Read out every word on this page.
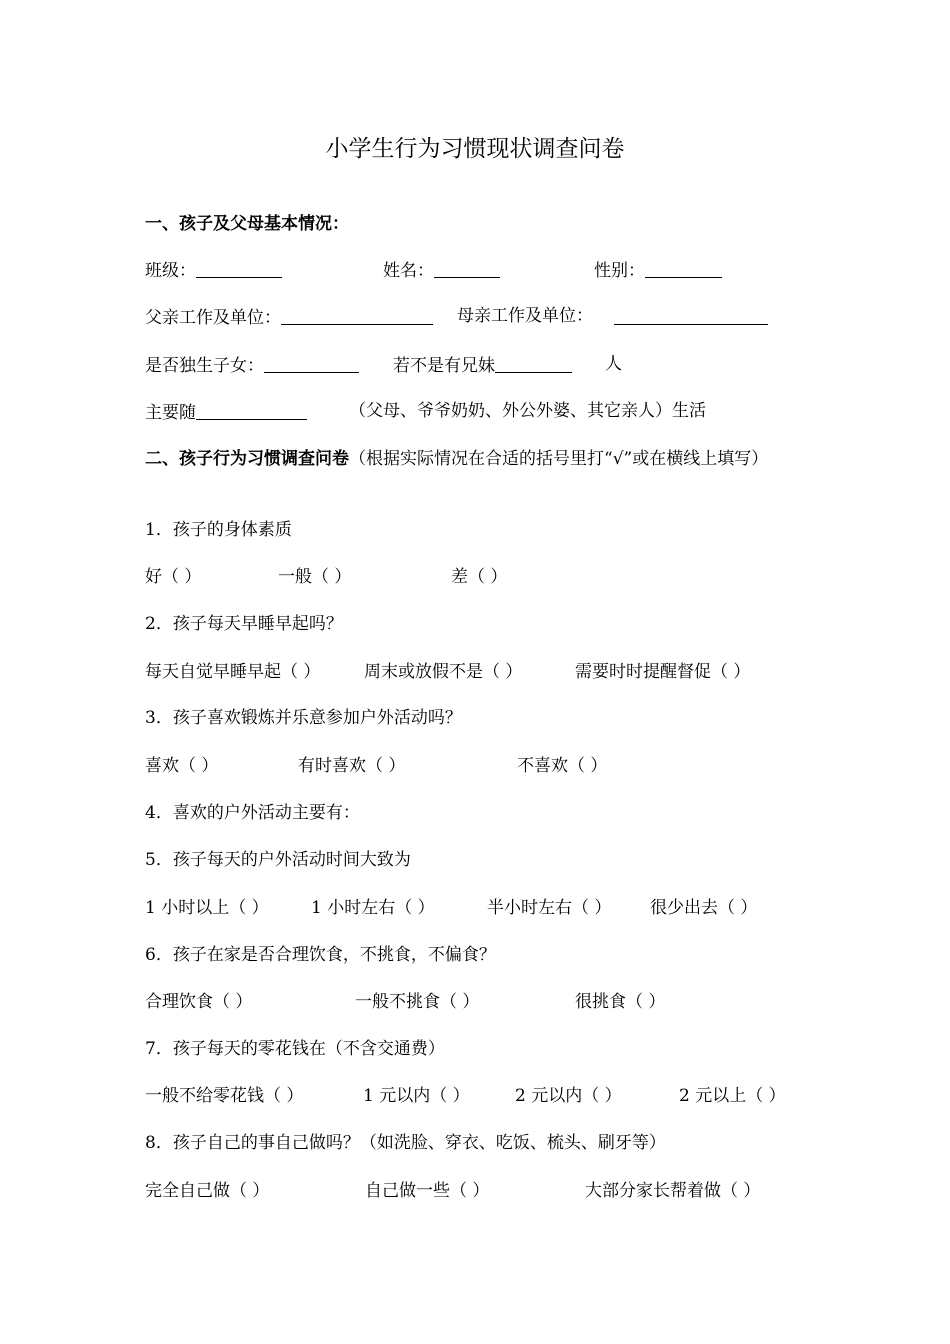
小学生行为习惯现状调查问卷
一、孩子及父母基本情况：
班级：	姓名：	性别：
父亲工作及单位：	母亲工作及单位：
是否独生子女：	若不是有兄妹	人
主要随	（父母、爷爷奶奶、外公外婆、其它亲人）生活
二、孩子行为习惯调查问卷（根据实际情况在合适的括号里打“√”或在横线上填写）
1．孩子的身体素质
好（ ）	一般（ ）	差（ ）
2．孩子每天早睡早起吗？
每天自觉早睡早起（ ）	周末或放假不是（ ）	需要时时提醒督促（ ）
3．孩子喜欢锻炼并乐意参加户外活动吗？
喜欢（ ）	有时喜欢（ ）	不喜欢（ ）
4．喜欢的户外活动主要有：
5．孩子每天的户外活动时间大致为
1 小时以上（ ） 1 小时左右（ ）	半小时左右（ ） 很少出去（ ）
6．孩子在家是否合理饮食，不挑食，不偏食？
合理饮食（ ）	一般不挑食（ ）	很挑食（ ）
7．孩子每天的零花钱在（不含交通费）
一般不给零花钱（ ）	1 元以内（ ）	2 元以内（ ）	2 元以上（ ）
8．孩子自己的事自己做吗？（如洗脸、穿衣、吃饭、梳头、刷牙等）
完全自己做（ ）	自己做一些（ ）	大部分家长帮着做（ ）
